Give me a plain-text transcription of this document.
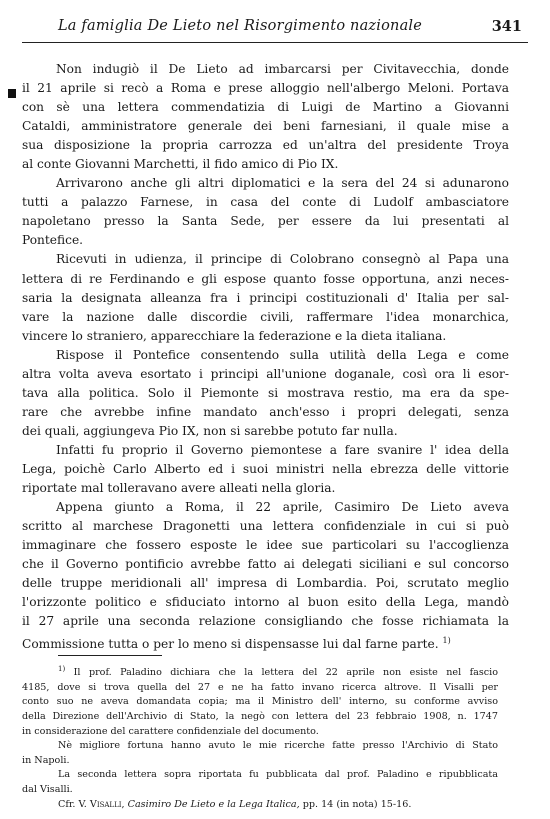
La famiglia De Lieto nel Risorgimento nazionale	341

Non indugiò il De Lieto ad imbarcarsi per Civitavecchia, donde
il 21 aprile si recò a Roma e prese alloggio nell'albergo Meloni. Portava
con sè una lettera commendatizia di Luigi de Martino a Giovanni
Cataldi, amministratore generale dei beni farnesiani, il quale mise a
sua disposizione la propria carrozza ed un'altra del presidente Troya
al conte Giovanni Marchetti, il fido amico di Pio IX.

Arrivarono anche gli altri diplomatici e la sera del 24 si adunarono
tutti a palazzo Farnese, in casa del conte di Ludolf ambasciatore
napoletano presso la Santa Sede, per essere da lui presentati al
Pontefice.

Ricevuti in udienza, il principe di Colobrano consegnò al Papa una
lettera di re Ferdinando e gli espose quanto fosse opportuna, anzi neces-
saria la designata alleanza fra i principi costituzionali d' Italia per sal-
vare la nazione dalle discordie civili, raffermare l'idea monarchica,
vincere lo straniero, apparecchiare la federazione e la dieta italiana.

Rispose il Pontefice consentendo sulla utilità della Lega e come
altra volta aveva esortato i principi all'unione doganale, così ora li esor-
tava alla politica. Solo il Piemonte si mostrava restio, ma era da spe-
rare che avrebbe infine mandato anch'esso i propri delegati, senza
dei quali, aggiungeva Pio IX, non si sarebbe potuto far nulla.

Infatti fu proprio il Governo piemontese a fare svanire l' idea della
Lega, poichè Carlo Alberto ed i suoi ministri nella ebrezza delle vittorie
riportate mal tolleravano avere alleati nella gloria.

Appena giunto a Roma, il 22 aprile, Casimiro De Lieto aveva
scritto al marchese Dragonetti una lettera confidenziale in cui si può
immaginare che fossero esposte le idee sue particolari su l'accoglienza
che il Governo pontificio avrebbe fatto ai delegati siciliani e sul concorso
delle truppe meridionali all' impresa di Lombardia. Poi, scrutato meglio
l'orizzonte politico e sfiduciato intorno al buon esito della Lega, mandò
il 27 aprile una seconda relazione consigliando che fosse richiamata la
Commissione tutta o per lo meno si dispensasse lui dal farne parte. $^{1)}$

$^{1)}$ Il prof. Paladino dichiara che la lettera del 22 aprile non esiste nel fascio
4185, dove si trova quella del 27 e ne ha fatto invano ricerca altrove. Il Visalli per
conto suo ne aveva domandata copia; ma il Ministro dell' interno, su conforme avviso
della Direzione dell'Archivio di Stato, la negò con lettera del 23 febbraio 1908, n. 1747
in considerazione del carattere confidenziale del documento.
Nè migliore fortuna hanno avuto le mie ricerche fatte presso l'Archivio di Stato
in Napoli.
La seconda lettera sopra riportata fu pubblicata dal prof. Paladino e ripubblicata
dal Visalli.
Cfr. V. Visalli, Casimiro De Lieto e la Lega Italica, pp. 14 (in nota) 15-16.
